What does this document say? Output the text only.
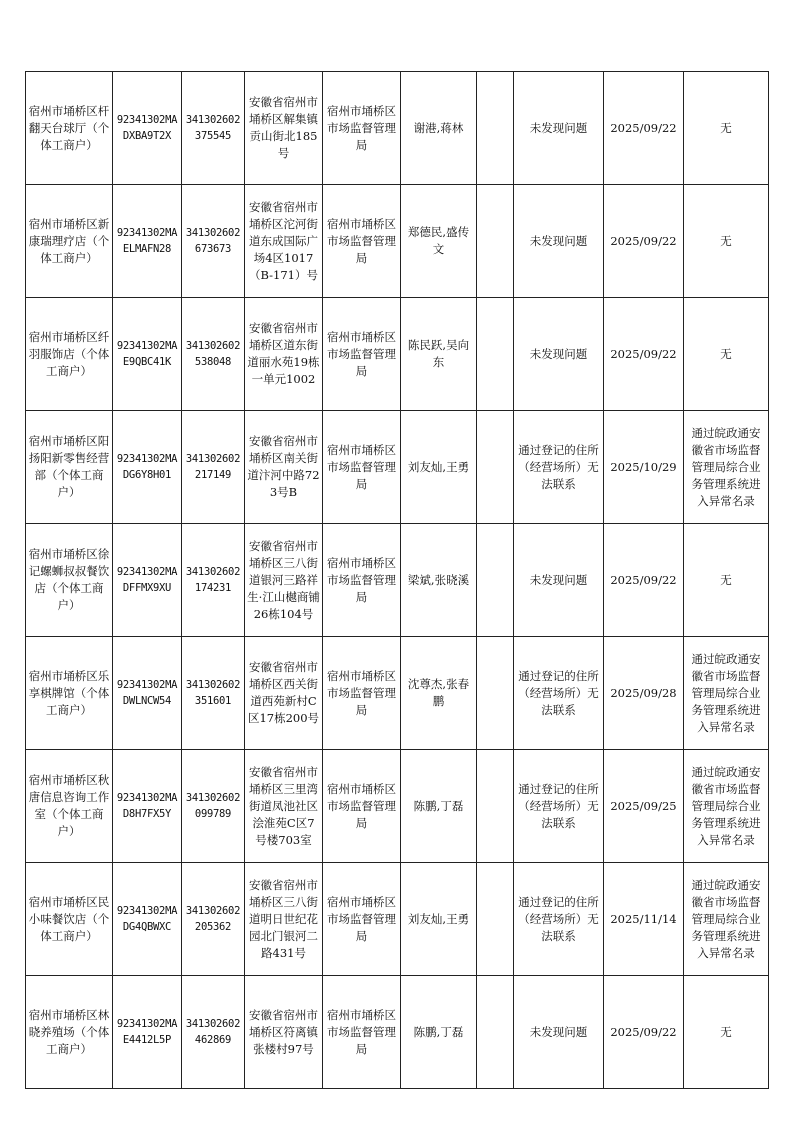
宿州市埇桥区杆翻天台球厅（个体工商户）	92341302MADXBA9T2X	341302602375545	安徽省宿州市埇桥区解集镇贡山街北185号	宿州市埇桥区市场监督管理局	谢港,蒋林		未发现问题	2025/09/22	无
宿州市埇桥区新康瑞理疗店（个体工商户）	92341302MAELMAFN28	341302602673673	安徽省宿州市埇桥区沱河街道东成国际广场4区1017（B-171）号	宿州市埇桥区市场监督管理局	郑德民,盛传文		未发现问题	2025/09/22	无
宿州市埇桥区纤羽服饰店（个体工商户）	92341302MAE9QBC41K	341302602538048	安徽省宿州市埇桥区道东街道丽水苑19栋一单元1002	宿州市埇桥区市场监督管理局	陈民跃,吴向东		未发现问题	2025/09/22	无
宿州市埇桥区阳扬阳新零售经营部（个体工商户）	92341302MADG6Y8H01	341302602217149	安徽省宿州市埇桥区南关街道汴河中路723号B	宿州市埇桥区市场监督管理局	刘友灿,王勇		通过登记的住所（经营场所）无法联系	2025/10/29	通过皖政通安徽省市场监督管理局综合业务管理系统进入异常名录
宿州市埇桥区徐记螺蛳叔叔餐饮店（个体工商户）	92341302MADFFMX9XU	341302602174231	安徽省宿州市埇桥区三八街道银河三路祥生·江山樾商铺26栋104号	宿州市埇桥区市场监督管理局	梁斌,张晓溪		未发现问题	2025/09/22	无
宿州市埇桥区乐享棋牌馆（个体工商户）	92341302MADWLNCW54	341302602351601	安徽省宿州市埇桥区西关街道西苑新村C区17栋200号	宿州市埇桥区市场监督管理局	沈尊杰,张春鹏		通过登记的住所（经营场所）无法联系	2025/09/28	通过皖政通安徽省市场监督管理局综合业务管理系统进入异常名录
宿州市埇桥区秋唐信息咨询工作室（个体工商户）	92341302MAD8H7FX5Y	341302602099789	安徽省宿州市埇桥区三里湾街道凤池社区浍淮苑C区7号楼703室	宿州市埇桥区市场监督管理局	陈鹏,丁磊		通过登记的住所（经营场所）无法联系	2025/09/25	通过皖政通安徽省市场监督管理局综合业务管理系统进入异常名录
宿州市埇桥区民小味餐饮店（个体工商户）	92341302MADG4QBWXC	341302602205362	安徽省宿州市埇桥区三八街道明日世纪花园北门银河二路431号	宿州市埇桥区市场监督管理局	刘友灿,王勇		通过登记的住所（经营场所）无法联系	2025/11/14	通过皖政通安徽省市场监督管理局综合业务管理系统进入异常名录
宿州市埇桥区林晓养殖场（个体工商户）	92341302MAE4412L5P	341302602462869	安徽省宿州市埇桥区符离镇张楼村97号	宿州市埇桥区市场监督管理局	陈鹏,丁磊		未发现问题	2025/09/22	无
